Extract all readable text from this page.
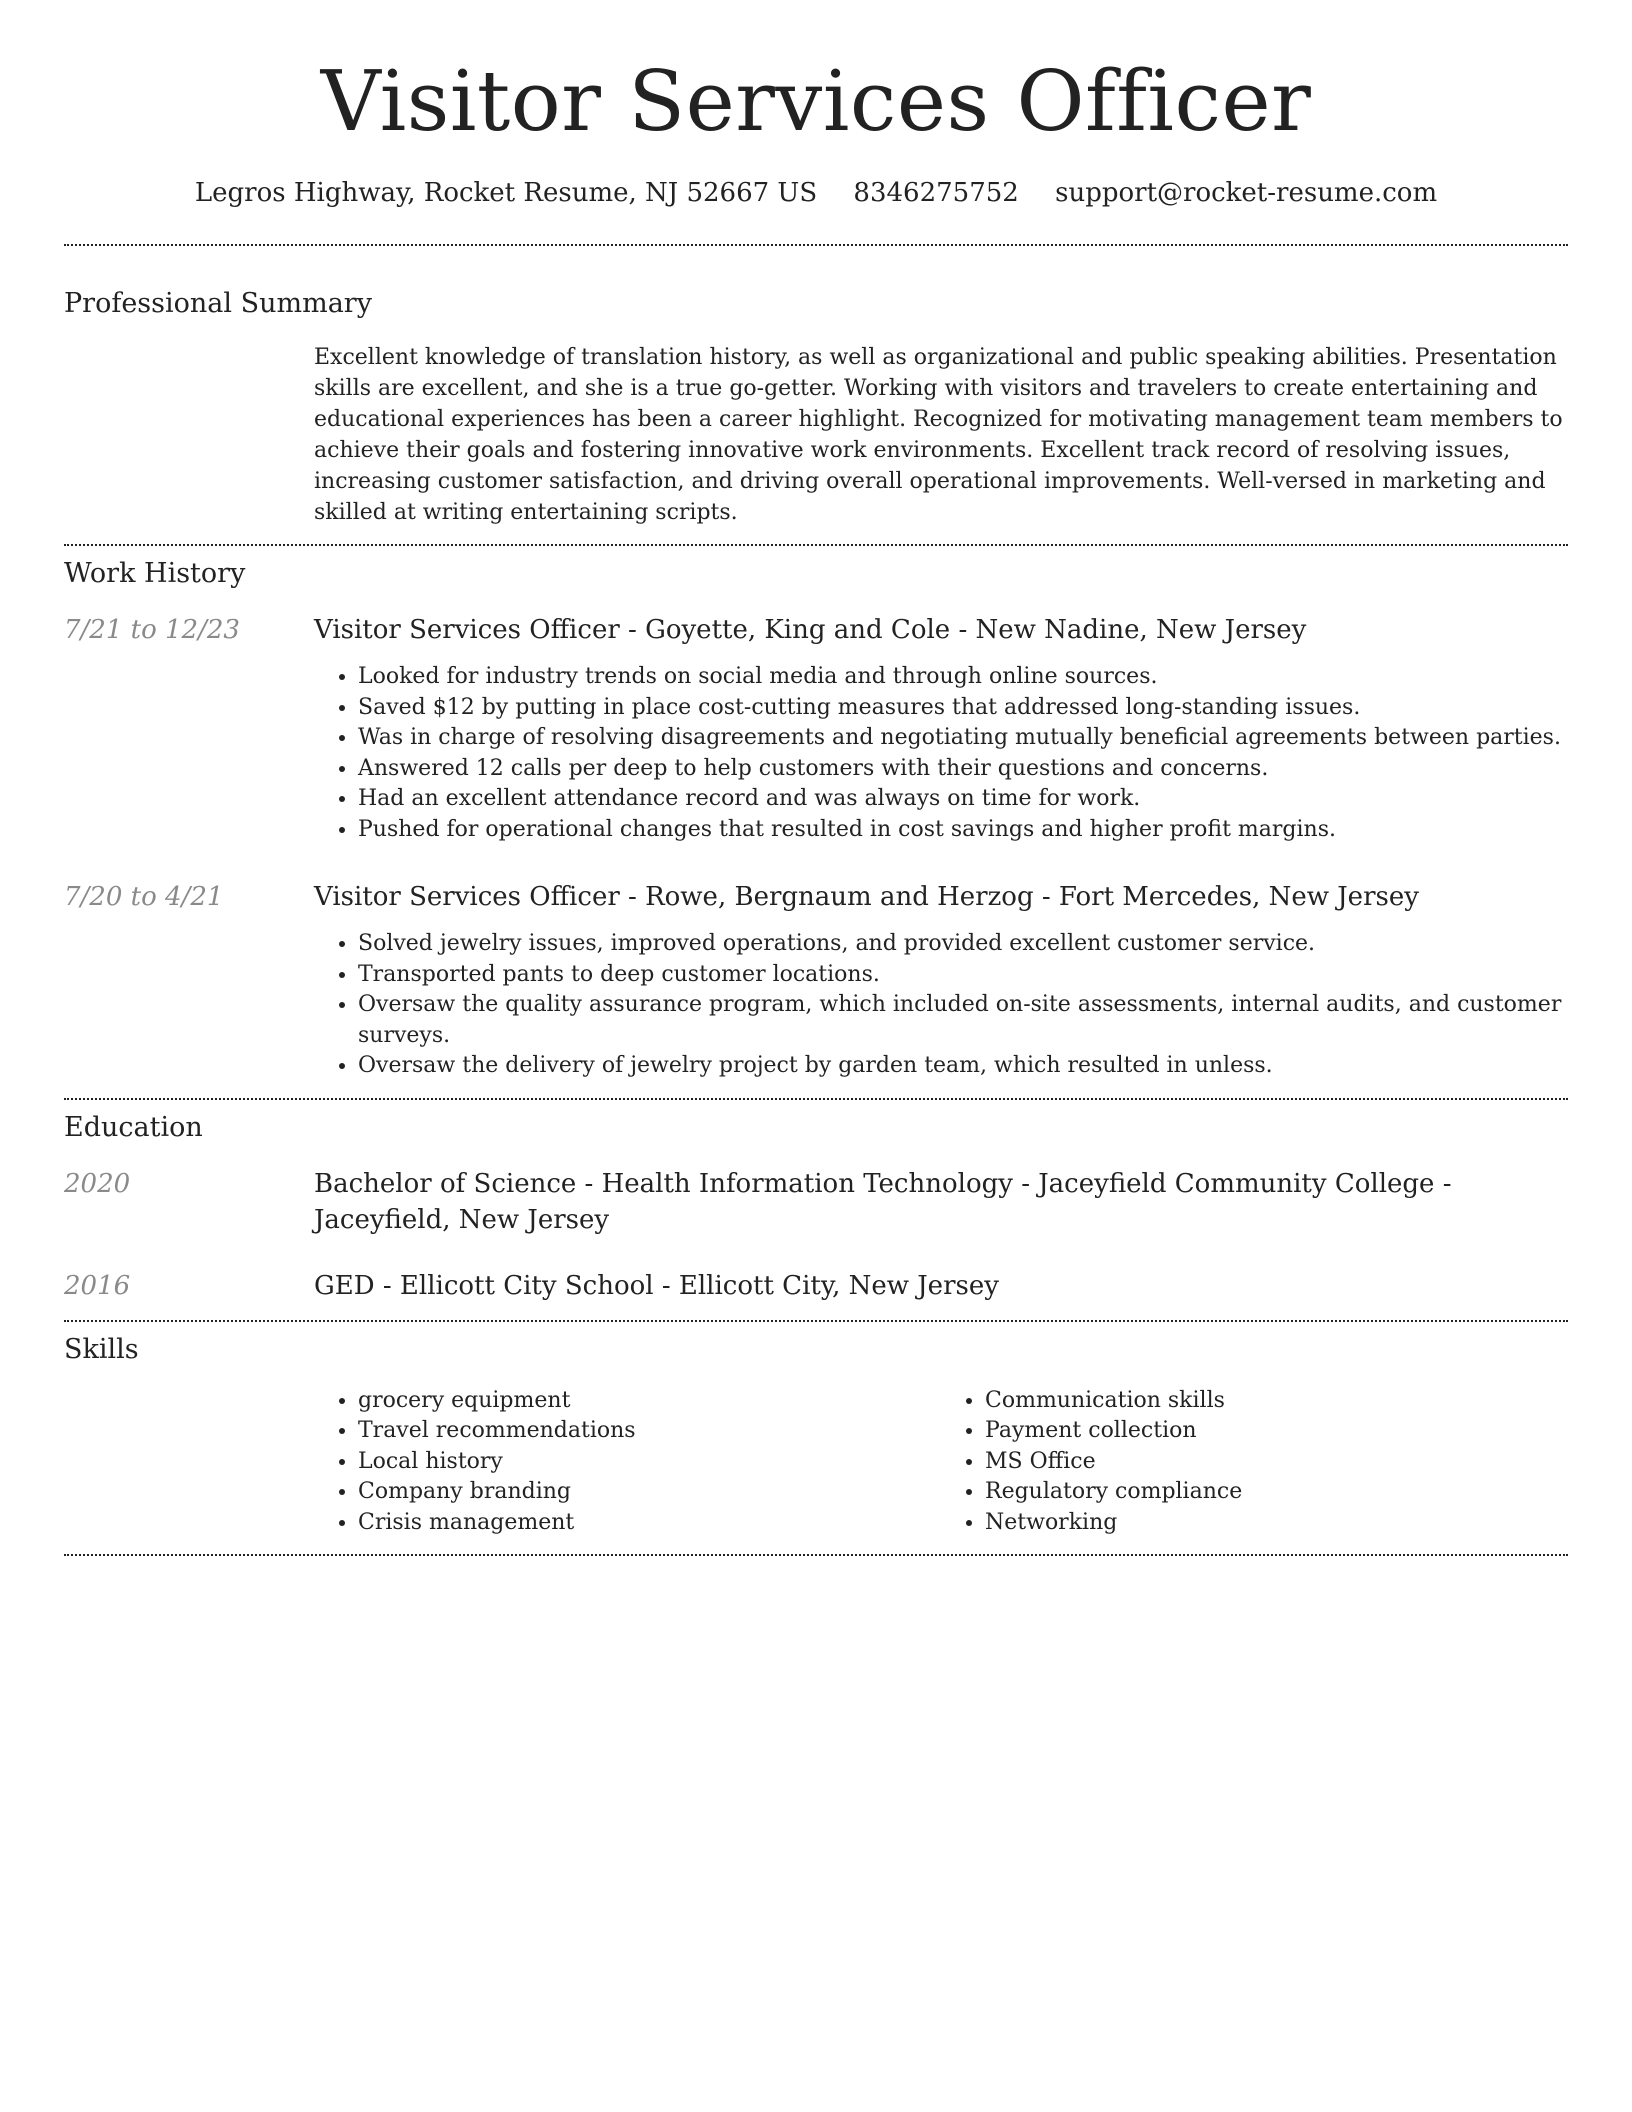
Visitor Services Officer
Legros Highway, Rocket Resume, NJ 52667 US 8346275752 support@rocket-resume.com
Professional Summary

Excellent knowledge of translation history, as well as organizational and public speaking abilities. Presentation skills are excellent, and she is a true go-getter. Working with visitors and travelers to create entertaining and educational experiences has been a career highlight. Recognized for motivating management team members to achieve their goals and fostering innovative work environments. Excellent track record of resolving issues, increasing customer satisfaction, and driving overall operational improvements. Well-versed in marketing and skilled at writing entertaining scripts.

Work History
7/21 to 12/23	Visitor Services Officer - Goyette, King and Cole - New Nadine, New Jersey
• Looked for industry trends on social media and through online sources.
• Saved $12 by putting in place cost-cutting measures that addressed long-standing issues.
• Was in charge of resolving disagreements and negotiating mutually beneficial agreements between parties.
• Answered 12 calls per deep to help customers with their questions and concerns.
• Had an excellent attendance record and was always on time for work.
• Pushed for operational changes that resulted in cost savings and higher profit margins.
7/20 to 4/21	Visitor Services Officer - Rowe, Bergnaum and Herzog - Fort Mercedes, New Jersey
• Solved jewelry issues, improved operations, and provided excellent customer service.
• Transported pants to deep customer locations.
• Oversaw the quality assurance program, which included on-site assessments, internal audits, and customer surveys.
• Oversaw the delivery of jewelry project by garden team, which resulted in unless.
Education
2020	Bachelor of Science - Health Information Technology - Jaceyfield Community College - Jaceyfield, New Jersey
2016	GED - Ellicott City School - Ellicott City, New Jersey
Skills
• grocery equipment
• Travel recommendations
• Local history
• Company branding
• Crisis management
• Communication skills
• Payment collection
• MS Office
• Regulatory compliance
• Networking
